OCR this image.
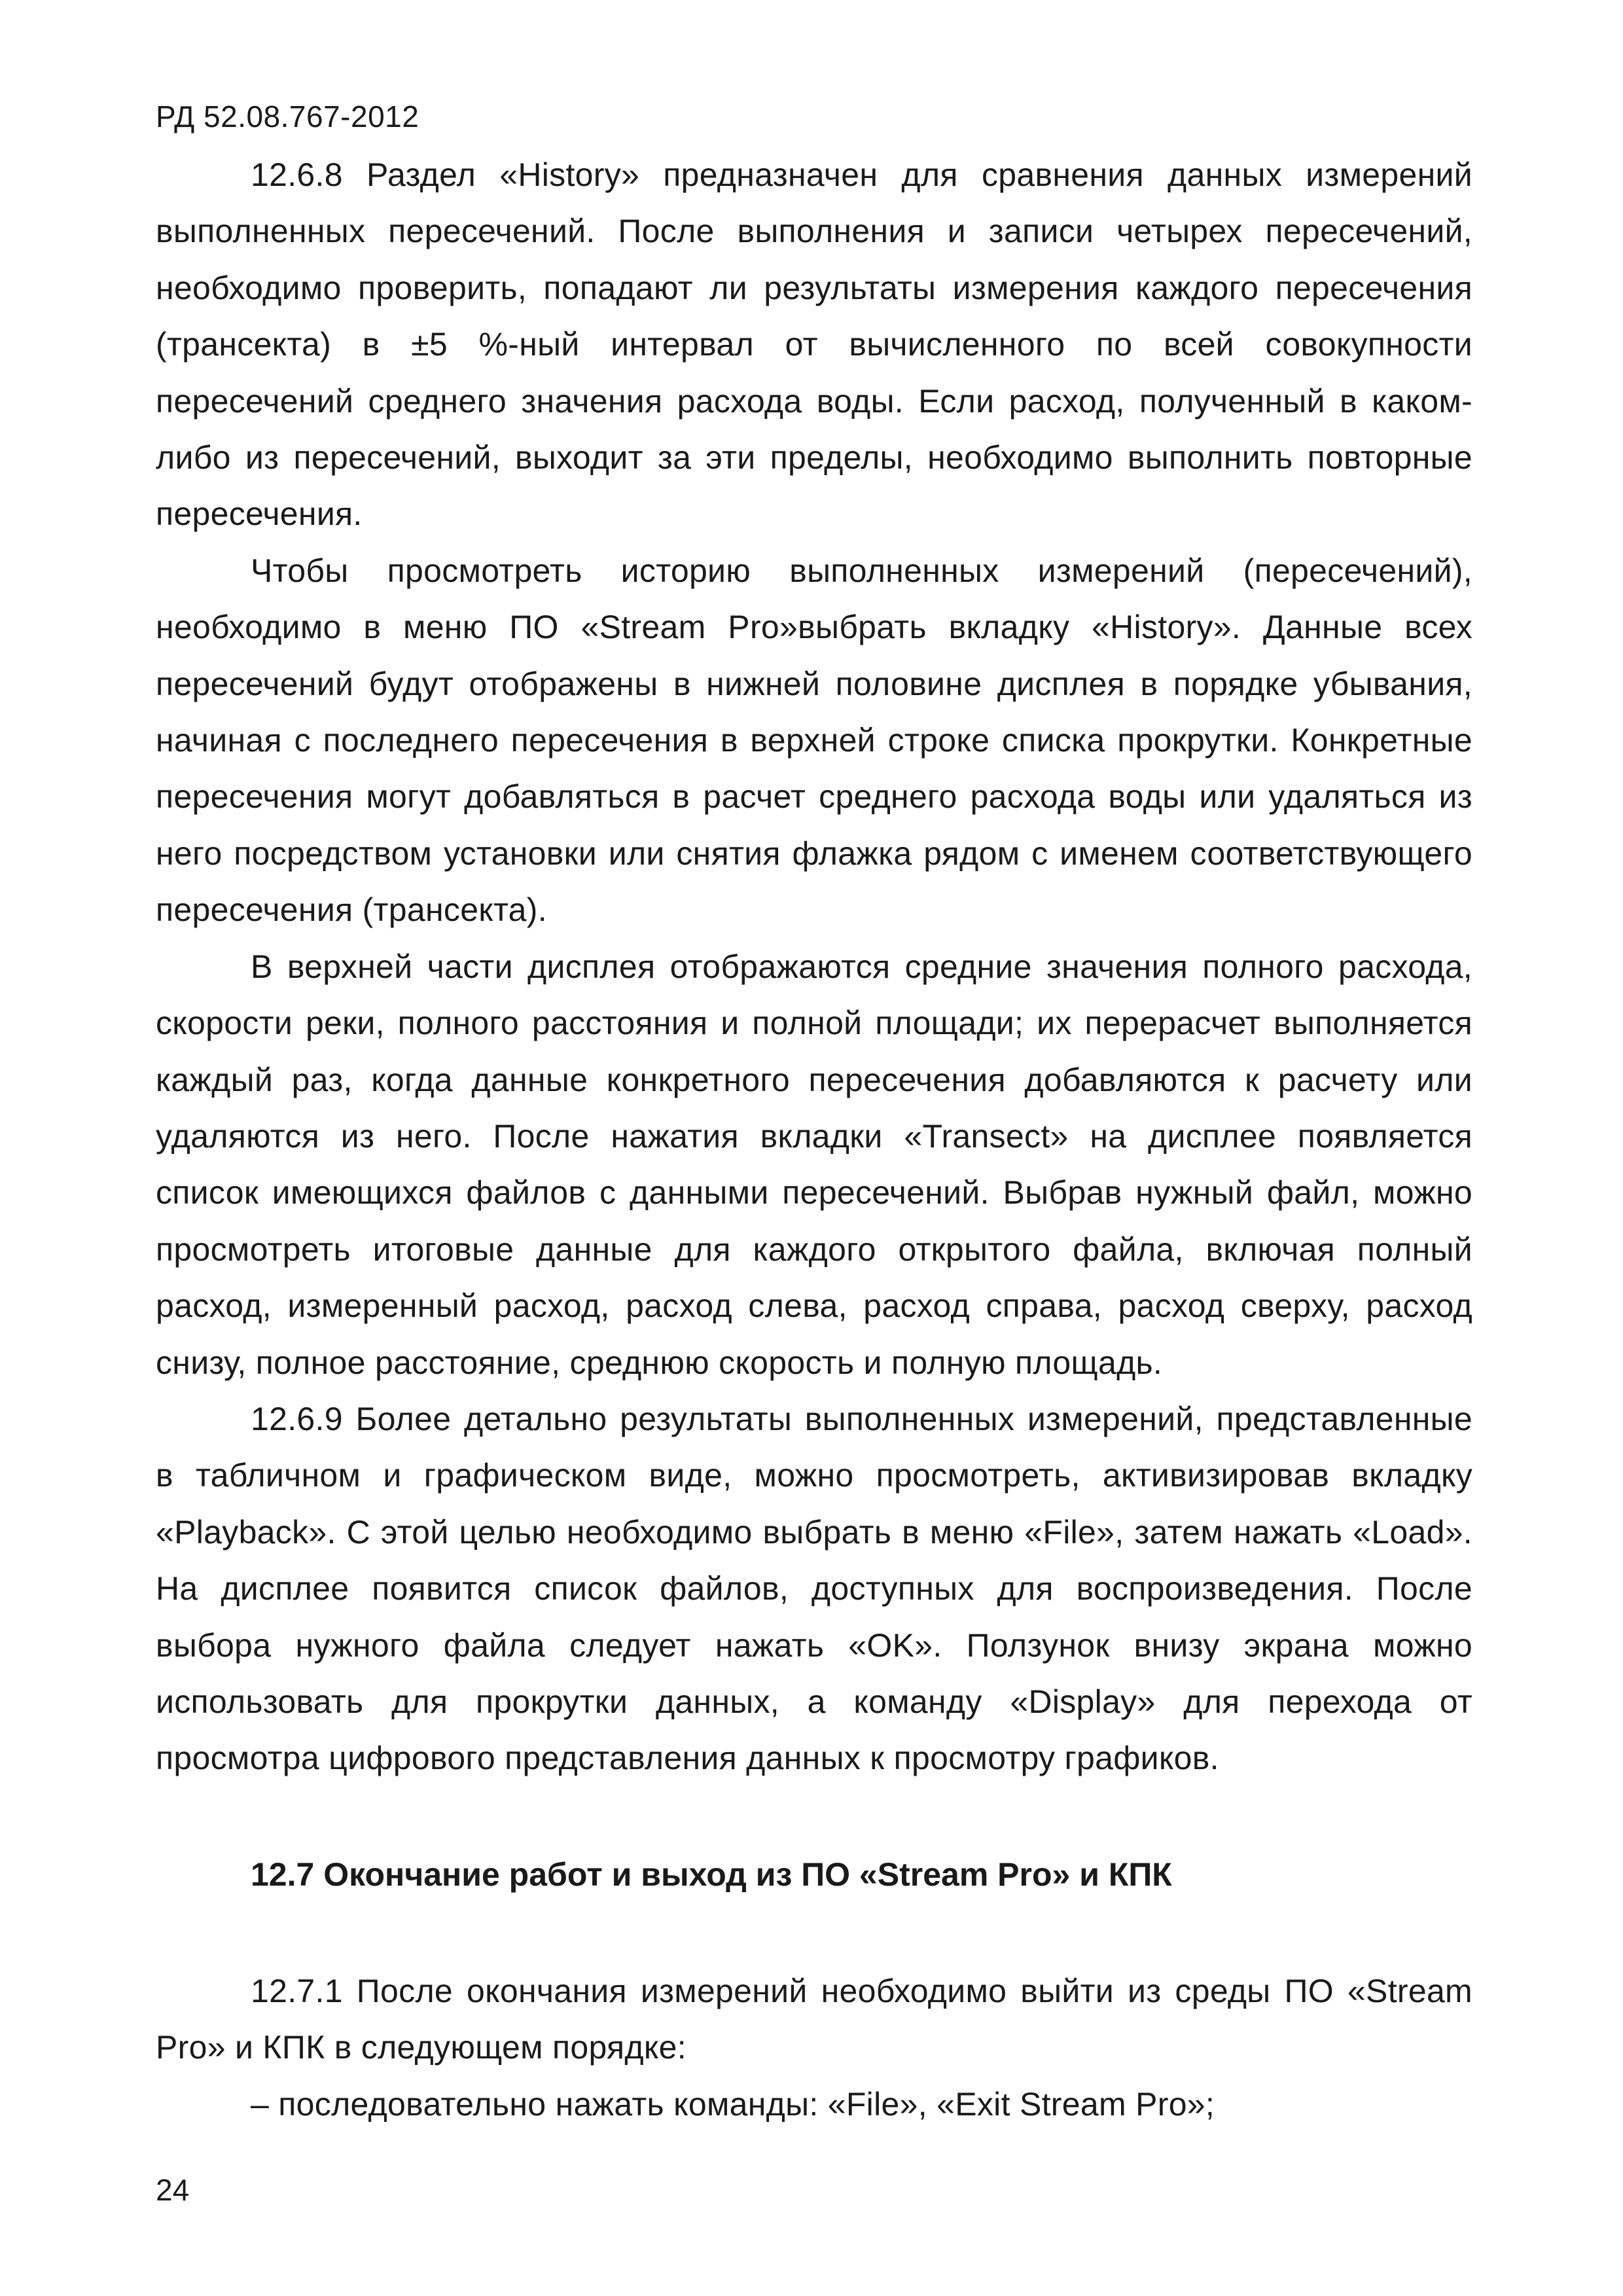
РД 52.08.767-2012

12.6.8 Раздел «History» предназначен для сравнения данных измерений выполненных пересечений. После выполнения и записи четырех пересечений, необходимо проверить, попадают ли результаты измерения каждого пересечения (трансекта) в ±5 %-ный интервал от вычисленного по всей совокупности пересечений среднего значения расхода воды. Если расход, полученный в каком-либо из пересечений, выходит за эти пределы, необходимо выполнить повторные пересечения.

Чтобы просмотреть историю выполненных измерений (пересечений), необходимо в меню ПО «Stream Pro»выбрать вкладку «History». Данные всех пересечений будут отображены в нижней половине дисплея в порядке убывания, начиная с последнего пересечения в верхней строке списка прокрутки. Конкретные пересечения могут добавляться в расчет среднего расхода воды или удаляться из него посредством установки или снятия флажка рядом с именем соответствующего пересечения (трансекта).

В верхней части дисплея отображаются средние значения полного расхода, скорости реки, полного расстояния и полной площади; их перерасчет выполняется каждый раз, когда данные конкретного пересечения добавляются к расчету или удаляются из него. После нажатия вкладки «Transect» на дисплее появляется список имеющихся файлов с данными пересечений. Выбрав нужный файл, можно просмотреть итоговые данные для каждого открытого файла, включая полный расход, измеренный расход, расход слева, расход справа, расход сверху, расход снизу, полное расстояние, среднюю скорость и полную площадь.

12.6.9 Более детально результаты выполненных измерений, представленные в табличном и графическом виде, можно просмотреть, активизировав вкладку «Playback». С этой целью необходимо выбрать в меню «File», затем нажать «Load». На дисплее появится список файлов, доступных для воспроизведения. После выбора нужного файла следует нажать «OK». Ползунок внизу экрана можно использовать для прокрутки данных, а команду «Display» для перехода от просмотра цифрового представления данных к просмотру графиков.

12.7 Окончание работ и выход из ПО «Stream Pro» и КПК

12.7.1 После окончания измерений необходимо выйти из среды ПО «Stream Pro» и КПК в следующем порядке:

– последовательно нажать команды: «File», «Exit Stream Pro»;

24
